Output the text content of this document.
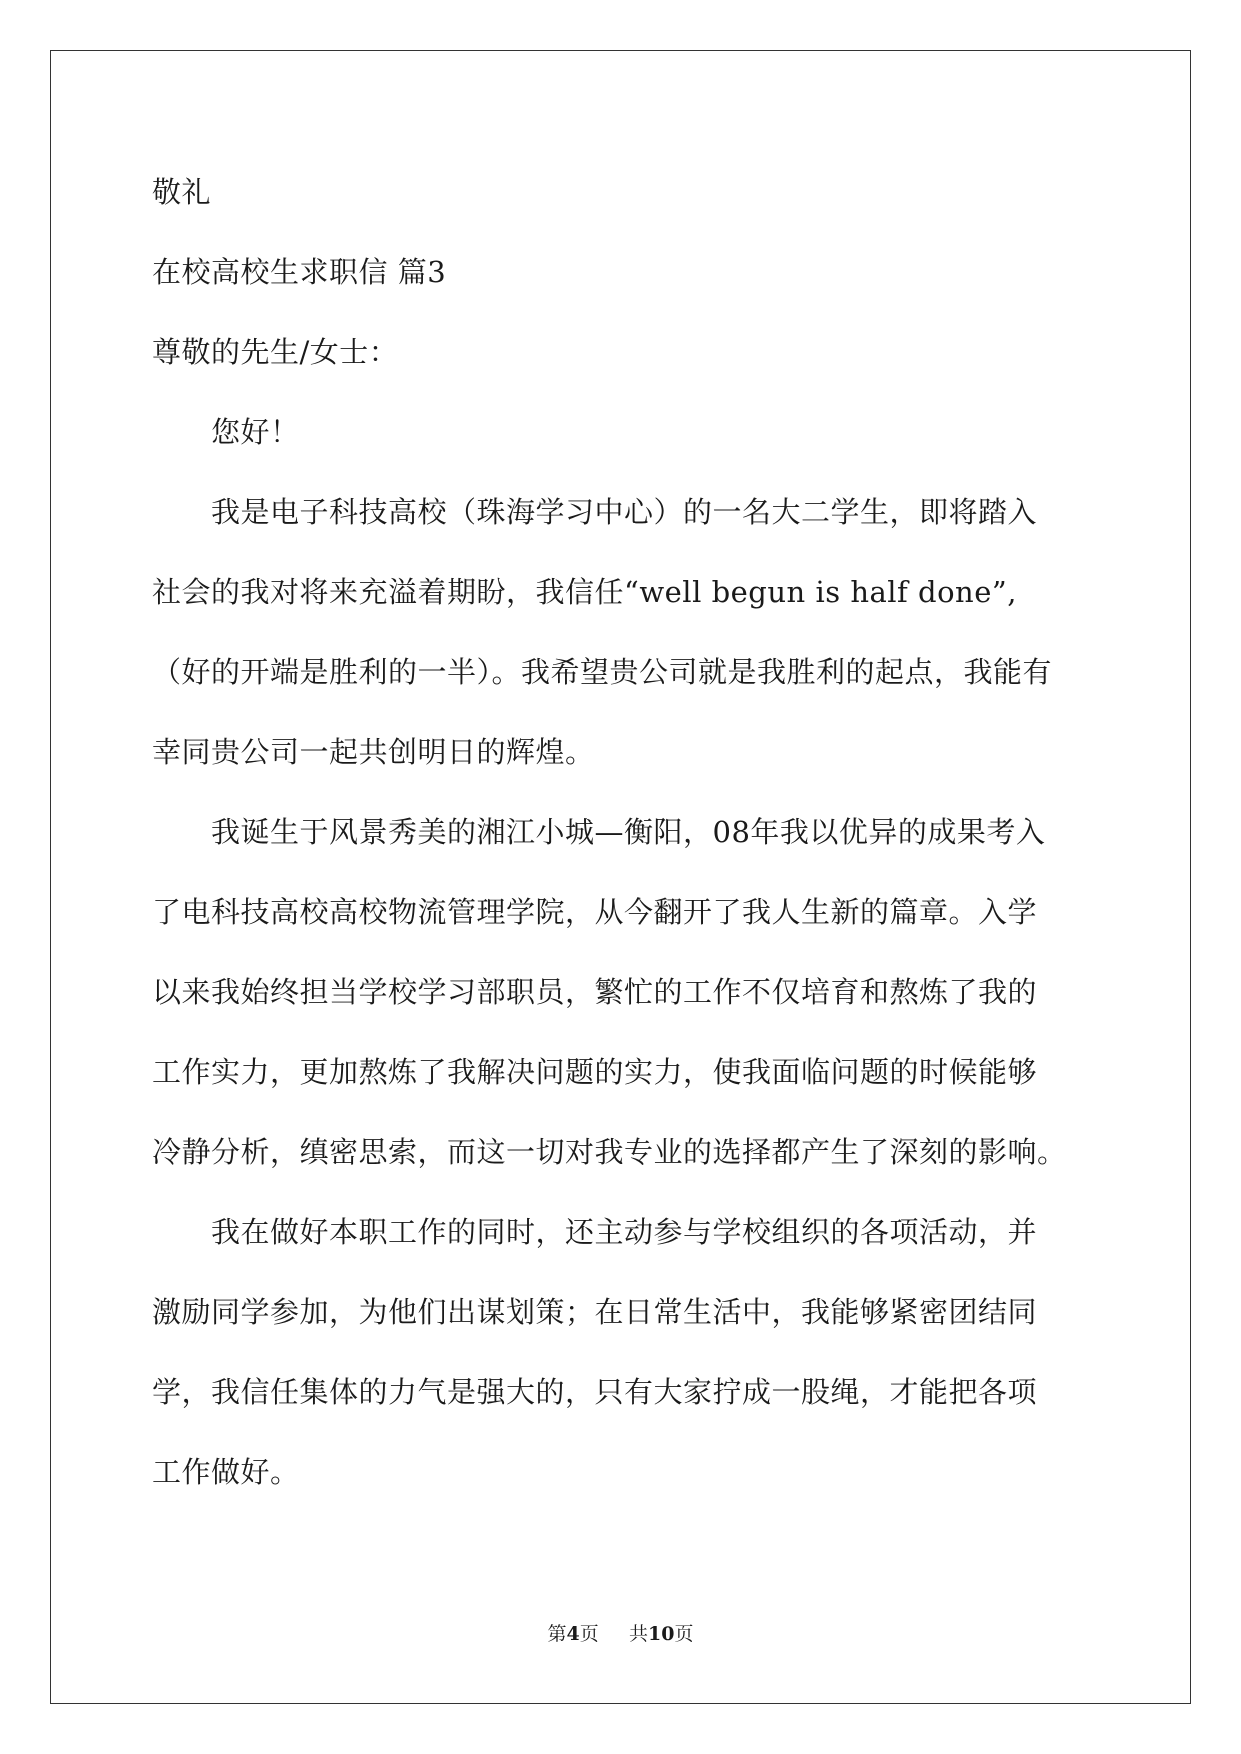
敬礼
在校高校生求职信 篇3
尊敬的先生/女士：
　　您好！
　　我是电子科技高校（珠海学习中心）的一名大二学生，即将踏入
社会的我对将来充溢着期盼，我信任“well begun is half done”,
（好的开端是胜利的一半）。我希望贵公司就是我胜利的起点，我能有
幸同贵公司一起共创明日的辉煌。
　　我诞生于风景秀美的湘江小城—衡阳，08年我以优异的成果考入
了电科技高校高校物流管理学院，从今翻开了我人生新的篇章。入学
以来我始终担当学校学习部职员，繁忙的工作不仅培育和熬炼了我的
工作实力，更加熬炼了我解决问题的实力，使我面临问题的时候能够
冷静分析，缜密思索，而这一切对我专业的选择都产生了深刻的影响。
　　我在做好本职工作的同时，还主动参与学校组织的各项活动，并
激励同学参加，为他们出谋划策；在日常生活中，我能够紧密团结同
学，我信任集体的力气是强大的，只有大家拧成一股绳，才能把各项
工作做好。
第4页 共10页
